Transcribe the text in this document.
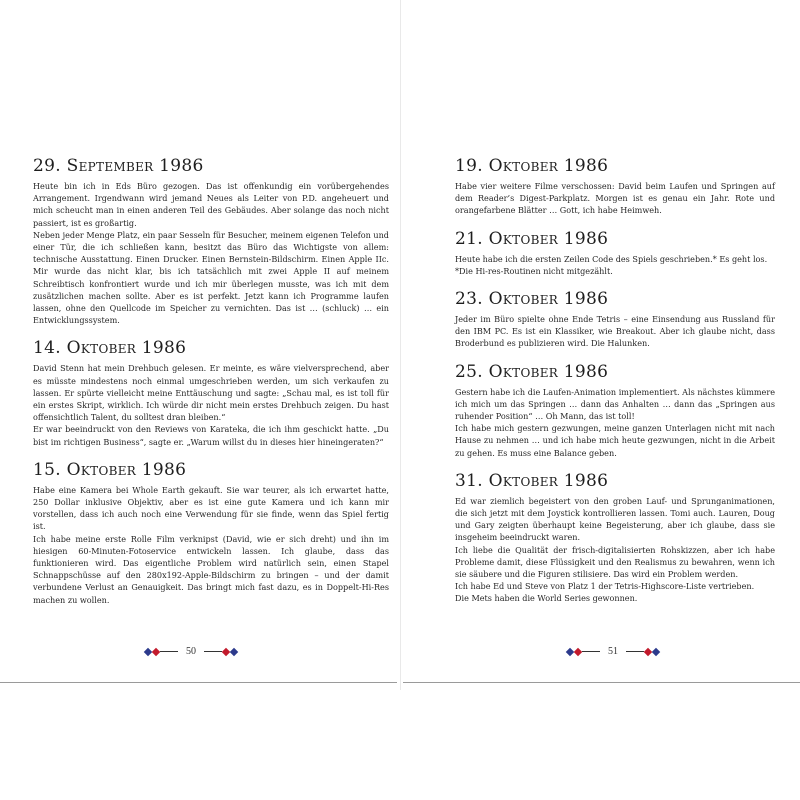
29. September 1986

Heute bin ich in Eds Büro gezogen. Das ist offenkundig ein vorübergehendes Arrangement. Irgendwann wird jemand Neues als Leiter von P.D. angeheuert und mich scheucht man in einen anderen Teil des Gebäudes. Aber solange das noch nicht passiert, ist es großartig.

Neben jeder Menge Platz, ein paar Sesseln für Besucher, meinem eigenen Telefon und einer Tür, die ich schließen kann, besitzt das Büro das Wichtigste von allem: technische Ausstattung. Einen Drucker. Einen Bernstein-Bildschirm. Einen Apple IIc. Mir wurde das nicht klar, bis ich tatsächlich mit zwei Apple II auf meinem Schreibtisch konfrontiert wurde und ich mir überlegen musste, was ich mit dem zusätzlichen machen sollte. Aber es ist perfekt. Jetzt kann ich Programme laufen lassen, ohne den Quellcode im Speicher zu vernichten. Das ist … (schluck) … ein Entwicklungssystem.

14. Oktober 1986

David Stenn hat mein Drehbuch gelesen. Er meinte, es wäre vielversprechend, aber es müsste mindestens noch einmal umgeschrieben werden, um sich verkaufen zu lassen. Er spürte vielleicht meine Enttäuschung und sagte: „Schau mal, es ist toll für ein erstes Skript, wirklich. Ich würde dir nicht mein erstes Drehbuch zeigen. Du hast offensichtlich Talent, du solltest dran bleiben.“

Er war beeindruckt von den Reviews von Karateka, die ich ihm geschickt hatte. „Du bist im richtigen Business“, sagte er. „Warum willst du in dieses hier hineingeraten?“

15. Oktober 1986

Habe eine Kamera bei Whole Earth gekauft. Sie war teurer, als ich erwartet hatte, 250 Dollar inklusive Objektiv, aber es ist eine gute Kamera und ich kann mir vorstellen, dass ich auch noch eine Verwendung für sie finde, wenn das Spiel fertig ist.

Ich habe meine erste Rolle Film verknipst (David, wie er sich dreht) und ihn im hiesigen 60-Minuten-Fotoservice entwickeln lassen. Ich glaube, dass das funktionieren wird. Das eigentliche Problem wird natürlich sein, einen Stapel Schnappschüsse auf den 280x192-Apple-Bildschirm zu bringen – und der damit verbundene Verlust an Genauigkeit. Das bringt mich fast dazu, es in Doppelt-Hi-Res machen zu wollen.

50
19. Oktober 1986

Habe vier weitere Filme verschossen: David beim Laufen und Springen auf dem Reader’s Digest-Parkplatz. Morgen ist es genau ein Jahr. Rote und orangefarbene Blätter … Gott, ich habe Heimweh.

21. Oktober 1986

Heute habe ich die ersten Zeilen Code des Spiels geschrieben.* Es geht los.

*Die Hi-res-Routinen nicht mitgezählt.

23. Oktober 1986

Jeder im Büro spielte ohne Ende Tetris – eine Einsendung aus Russland für den IBM PC. Es ist ein Klassiker, wie Breakout. Aber ich glaube nicht, dass Broderbund es publizieren wird. Die Halunken.

25. Oktober 1986

Gestern habe ich die Laufen-Animation implementiert. Als nächstes kümmere ich mich um das Springen … dann das Anhalten … dann das „Springen aus ruhender Position“ … Oh Mann, das ist toll!

Ich habe mich gestern gezwungen, meine ganzen Unterlagen nicht mit nach Hause zu nehmen … und ich habe mich heute gezwungen, nicht in die Arbeit zu gehen. Es muss eine Balance geben.

31. Oktober 1986

Ed war ziemlich begeistert von den groben Lauf- und Sprunganimationen, die sich jetzt mit dem Joystick kontrollieren lassen. Tomi auch. Lauren, Doug und Gary zeigten überhaupt keine Begeisterung, aber ich glaube, dass sie insgeheim beeindruckt waren.

Ich liebe die Qualität der frisch-digitalisierten Rohskizzen, aber ich habe Probleme damit, diese Flüssigkeit und den Realismus zu bewahren, wenn ich sie säubere und die Figuren stilisiere. Das wird ein Problem werden.

Ich habe Ed und Steve von Platz 1 der Tetris-Highscore-Liste vertrieben.

Die Mets haben die World Series gewonnen.

51
